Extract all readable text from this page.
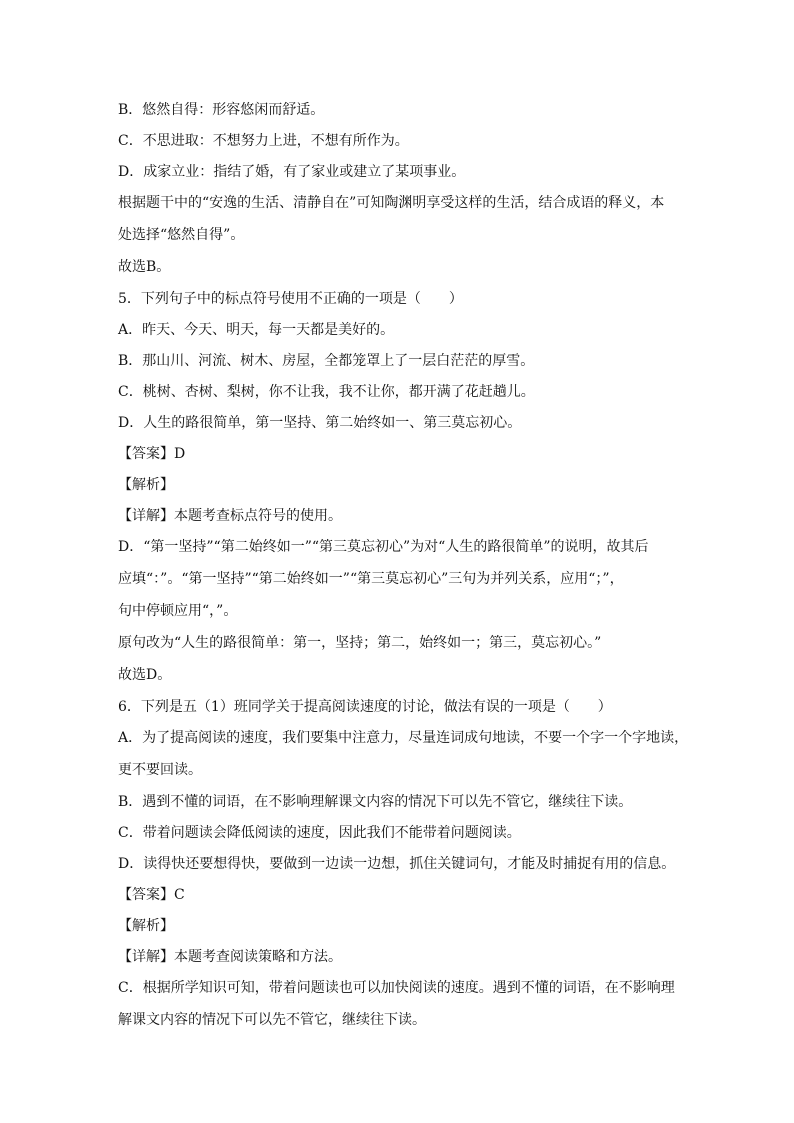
B．悠然自得：形容悠闲而舒适。

C．不思进取：不想努力上进，不想有所作为。

D．成家立业：指结了婚，有了家业或建立了某项事业。

根据题干中的“安逸的生活、清静自在”可知陶渊明享受这样的生活，结合成语的释义，本

处选择“悠然自得”。

故选B。

5．下列句子中的标点符号使用不正确的一项是（　　）

A．昨天、今天、明天，每一天都是美好的。

B．那山川、河流、树木、房屋，全都笼罩上了一层白茫茫的厚雪。

C．桃树、杏树、梨树，你不让我，我不让你，都开满了花赶趟儿。

D．人生的路很简单，第一坚持、第二始终如一、第三莫忘初心。

【答案】D

【解析】

【详解】本题考查标点符号的使用。

D．“第一坚持”“第二始终如一”“第三莫忘初心”为对“人生的路很简单”的说明，故其后

应填“：”。“第一坚持”“第二始终如一”“第三莫忘初心”三句为并列关系，应用“；”，

句中停顿应用“，”。

原句改为“人生的路很简单：第一，坚持；第二，始终如一；第三，莫忘初心。”

故选D。

6．下列是五（1）班同学关于提高阅读速度的讨论，做法有误的一项是（　　）

A．为了提高阅读的速度，我们要集中注意力，尽量连词成句地读，不要一个字一个字地读，

更不要回读。

B．遇到不懂的词语，在不影响理解课文内容的情况下可以先不管它，继续往下读。

C．带着问题读会降低阅读的速度，因此我们不能带着问题阅读。

D．读得快还要想得快，要做到一边读一边想，抓住关键词句，才能及时捕捉有用的信息。

【答案】C

【解析】

【详解】本题考查阅读策略和方法。

C．根据所学知识可知，带着问题读也可以加快阅读的速度。遇到不懂的词语，在不影响理

解课文内容的情况下可以先不管它，继续往下读。
